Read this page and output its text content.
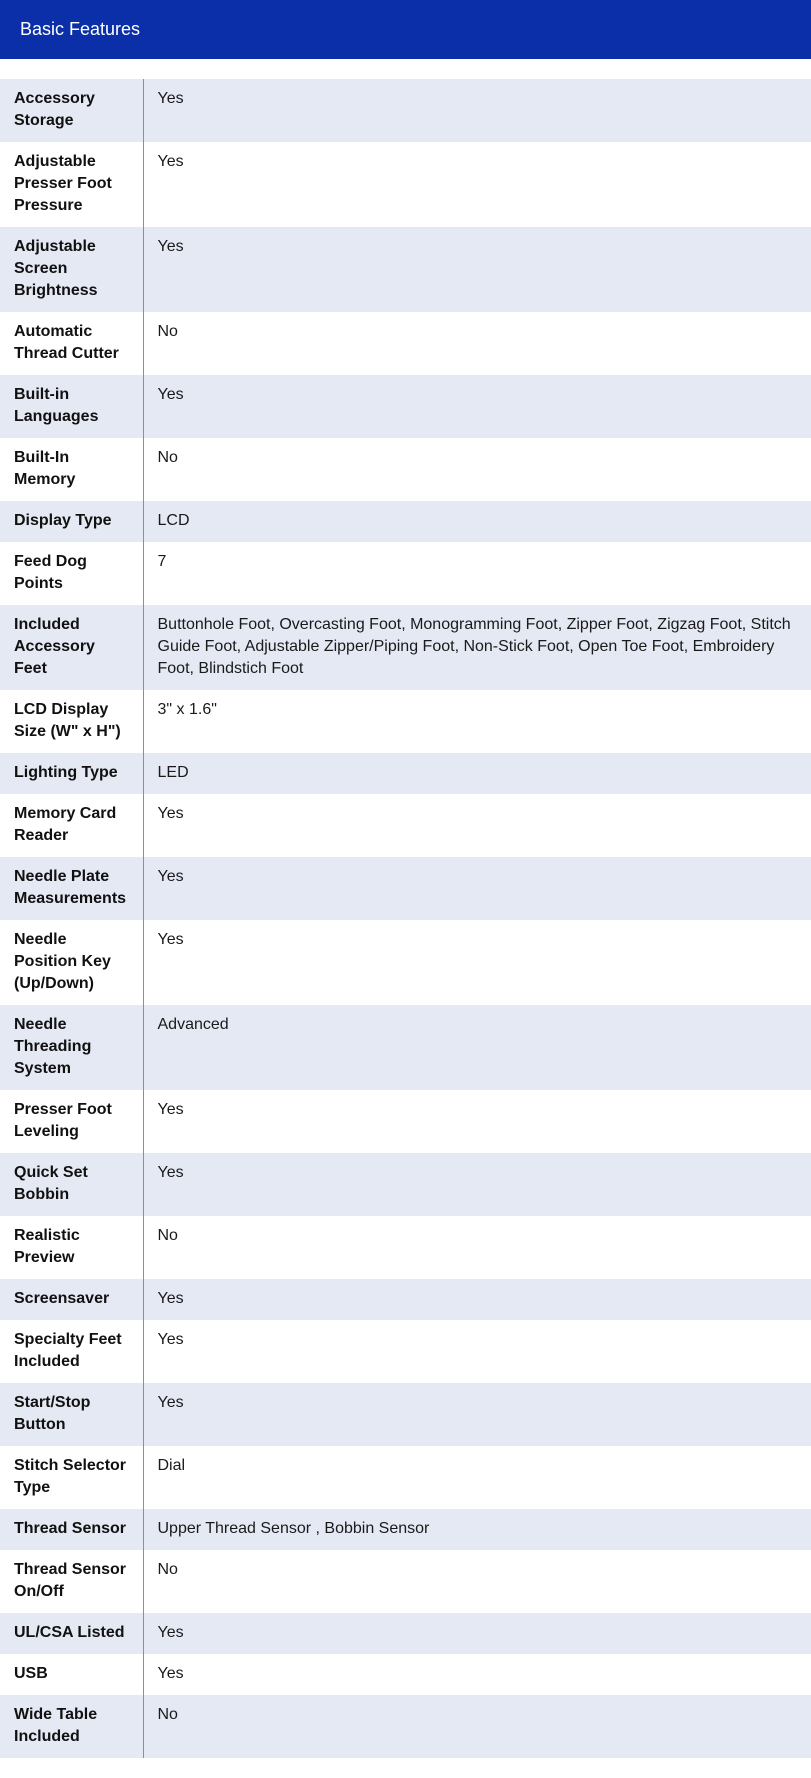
Basic Features
Accessory Storage	Yes
Adjustable Presser Foot Pressure	Yes
Adjustable Screen Brightness	Yes
Automatic Thread Cutter	No
Built-in Languages	Yes
Built-In Memory	No
Display Type	LCD
Feed Dog Points	7
Included Accessory Feet	Buttonhole Foot, Overcasting Foot, Monogramming Foot, Zipper Foot, Zigzag Foot, Stitch Guide Foot, Adjustable Zipper/Piping Foot, Non-Stick Foot, Open Toe Foot, Embroidery Foot, Blindstich Foot
LCD Display Size (W" x H")	3" x 1.6"
Lighting Type	LED
Memory Card Reader	Yes
Needle Plate Measurements	Yes
Needle Position Key (Up/Down)	Yes
Needle Threading System	Advanced
Presser Foot Leveling	Yes
Quick Set Bobbin	Yes
Realistic Preview	No
Screensaver	Yes
Specialty Feet Included	Yes
Start/Stop Button	Yes
Stitch Selector Type	Dial
Thread Sensor	Upper Thread Sensor , Bobbin Sensor
Thread Sensor On/Off	No
UL/CSA Listed	Yes
USB	Yes
Wide Table Included	No
